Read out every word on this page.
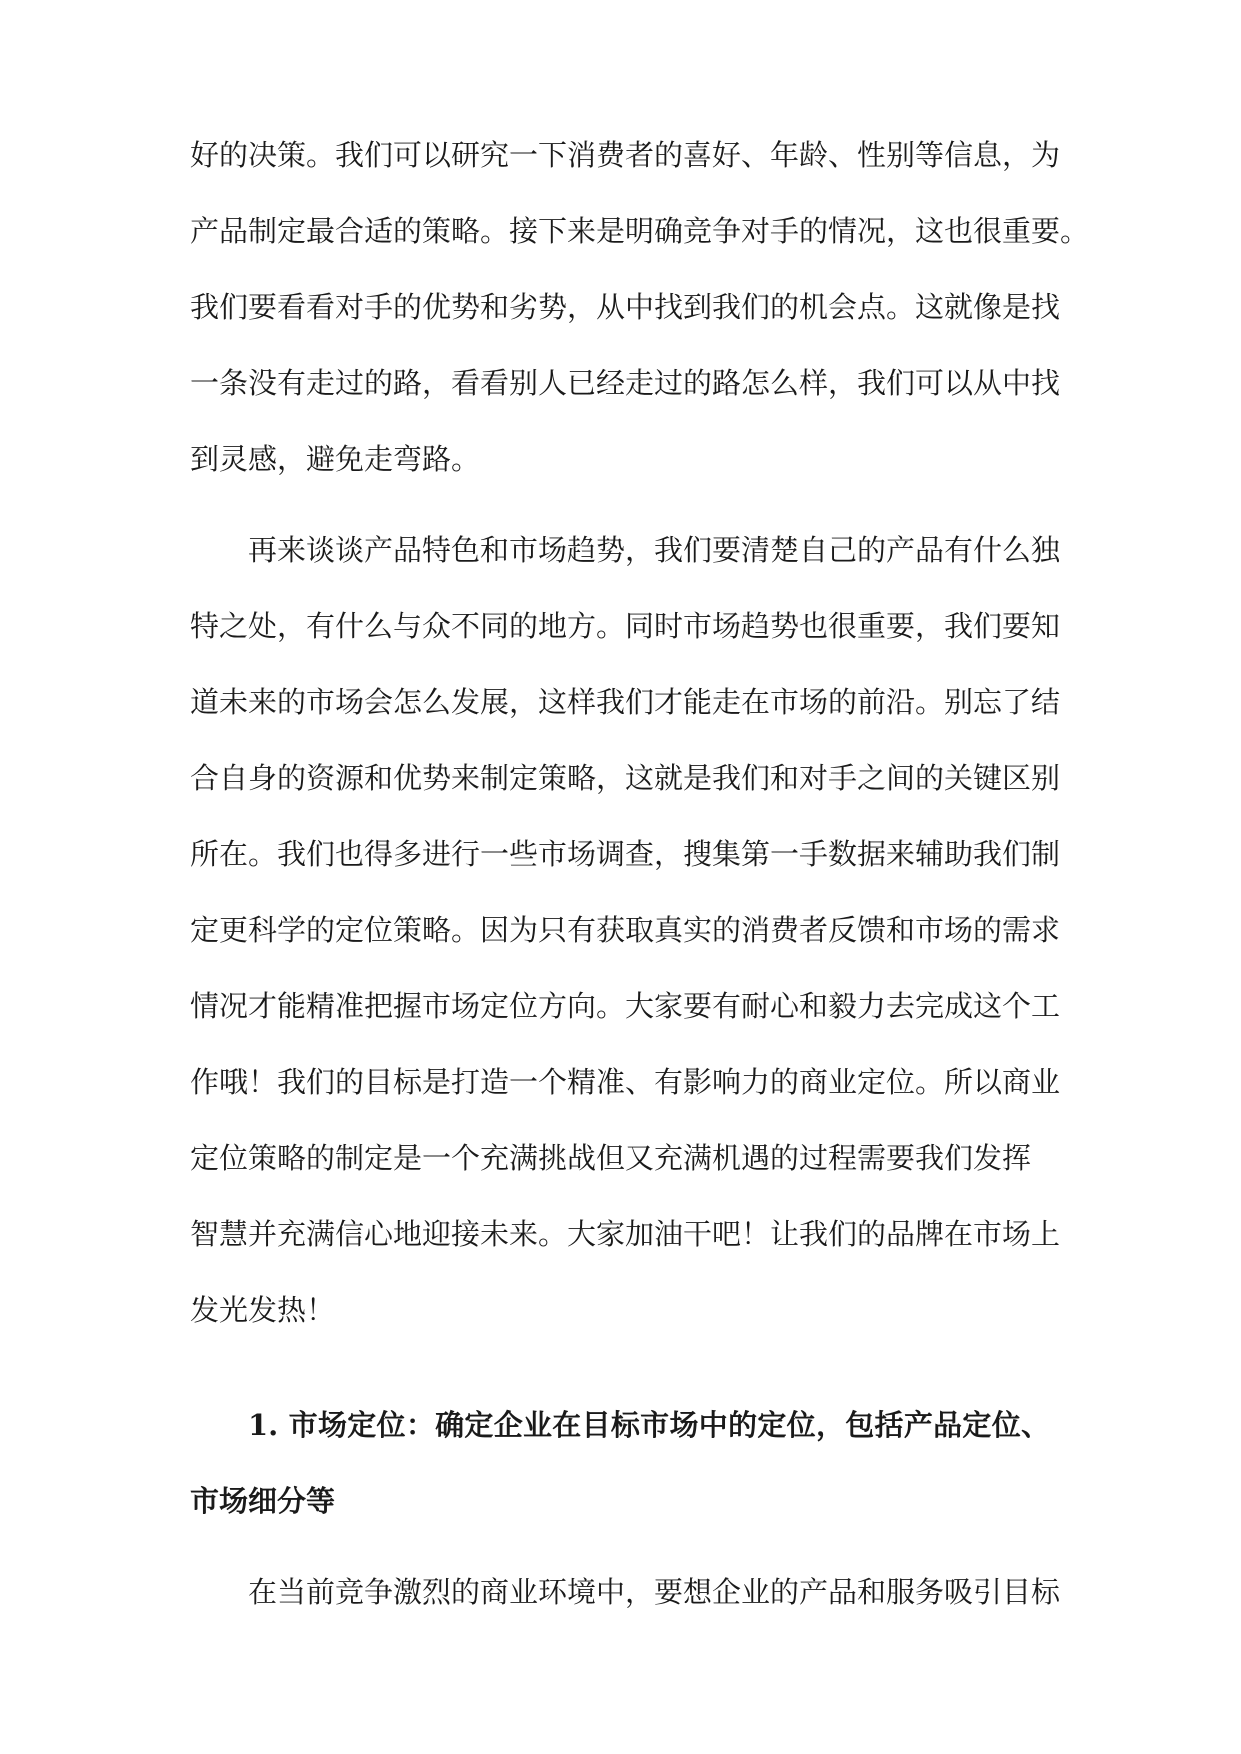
好的决策。我们可以研究一下消费者的喜好、年龄、性别等信息，为
产品制定最合适的策略。接下来是明确竞争对手的情况，这也很重要。
我们要看看对手的优势和劣势，从中找到我们的机会点。这就像是找
一条没有走过的路，看看别人已经走过的路怎么样，我们可以从中找
到灵感，避免走弯路。
再来谈谈产品特色和市场趋势，我们要清楚自己的产品有什么独
特之处，有什么与众不同的地方。同时市场趋势也很重要，我们要知
道未来的市场会怎么发展，这样我们才能走在市场的前沿。别忘了结
合自身的资源和优势来制定策略，这就是我们和对手之间的关键区别
所在。我们也得多进行一些市场调查，搜集第一手数据来辅助我们制
定更科学的定位策略。因为只有获取真实的消费者反馈和市场的需求
情况才能精准把握市场定位方向。大家要有耐心和毅力去完成这个工
作哦！我们的目标是打造一个精准、有影响力的商业定位。所以商业
定位策略的制定是一个充满挑战但又充满机遇的过程需要我们发挥
智慧并充满信心地迎接未来。大家加油干吧！让我们的品牌在市场上
发光发热！
1. 市场定位：确定企业在目标市场中的定位，包括产品定位、
市场细分等
在当前竞争激烈的商业环境中，要想企业的产品和服务吸引目标
